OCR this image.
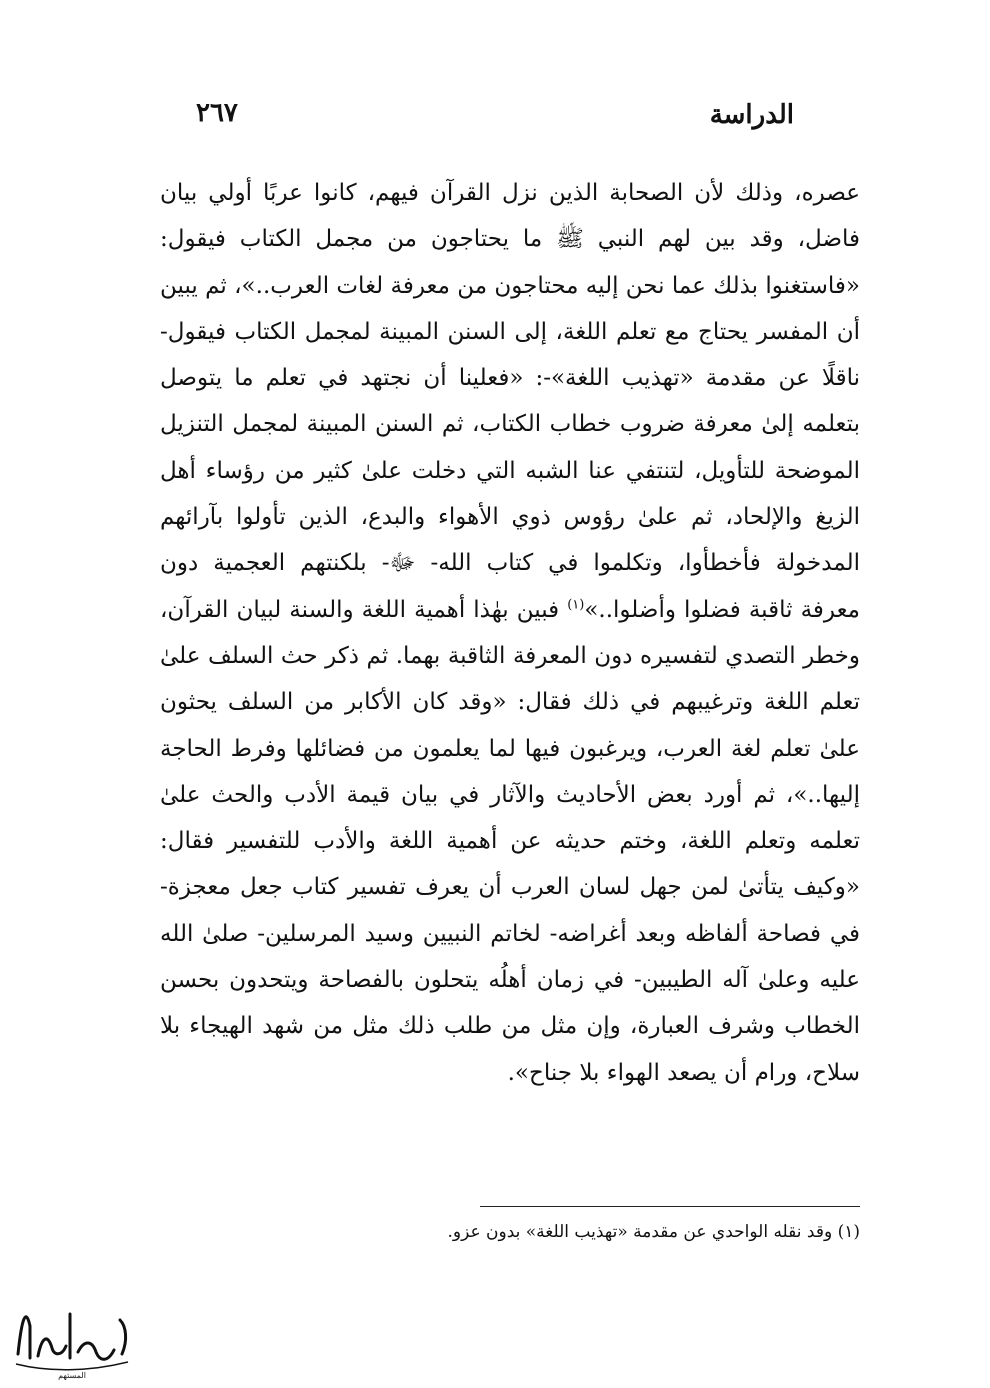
الدراسة
٢٦٧
عصره، وذلك لأن الصحابة الذين نزل القرآن فيهم، كانوا عربًا أولي بيان
فاضل، وقد بين لهم النبي ﷺ ما يحتاجون من مجمل الكتاب فيقول:
«فاستغنوا بذلك عما نحن إليه محتاجون من معرفة لغات العرب..»، ثم يبين
أن المفسر يحتاج مع تعلم اللغة، إلى السنن المبينة لمجمل الكتاب فيقول-
ناقلًا عن مقدمة «تهذيب اللغة»-: «فعلينا أن نجتهد في تعلم ما يتوصل
بتعلمه إلىٰ معرفة ضروب خطاب الكتاب، ثم السنن المبينة لمجمل التنزيل
الموضحة للتأويل، لتنتفي عنا الشبه التي دخلت علىٰ كثير من رؤساء أهل
الزيغ والإلحاد، ثم علىٰ رؤوس ذوي الأهواء والبدع، الذين تأولوا بآرائهم
المدخولة فأخطأوا، وتكلموا في كتاب الله- ﷻ- بلكنتهم العجمية دون
معرفة ثاقبة فضلوا وأضلوا..»$^{(١)}$ فبين بهٰذا أهمية اللغة والسنة لبيان القرآن،
وخطر التصدي لتفسيره دون المعرفة الثاقبة بهما. ثم ذكر حث السلف علىٰ
تعلم اللغة وترغيبهم في ذلك فقال: «وقد كان الأكابر من السلف يحثون
علىٰ تعلم لغة العرب، ويرغبون فيها لما يعلمون من فضائلها وفرط الحاجة
إليها..»، ثم أورد بعض الأحاديث والآثار في بيان قيمة الأدب والحث علىٰ
تعلمه وتعلم اللغة، وختم حديثه عن أهمية اللغة والأدب للتفسير فقال:
«وكيف يتأتىٰ لمن جهل لسان العرب أن يعرف تفسير كتاب جعل معجزة-
في فصاحة ألفاظه وبعد أغراضه- لخاتم النبيين وسيد المرسلين- صلىٰ الله
عليه وعلىٰ آله الطيبين- في زمان أهلُه يتحلون بالفصاحة ويتحدون بحسن
الخطاب وشرف العبارة، وإن مثل من طلب ذلك مثل من شهد الهيجاء بلا
سلاح، ورام أن يصعد الهواء بلا جناح».
(١) وقد نقله الواحدي عن مقدمة «تهذيب اللغة» بدون عزو.
المستهم
